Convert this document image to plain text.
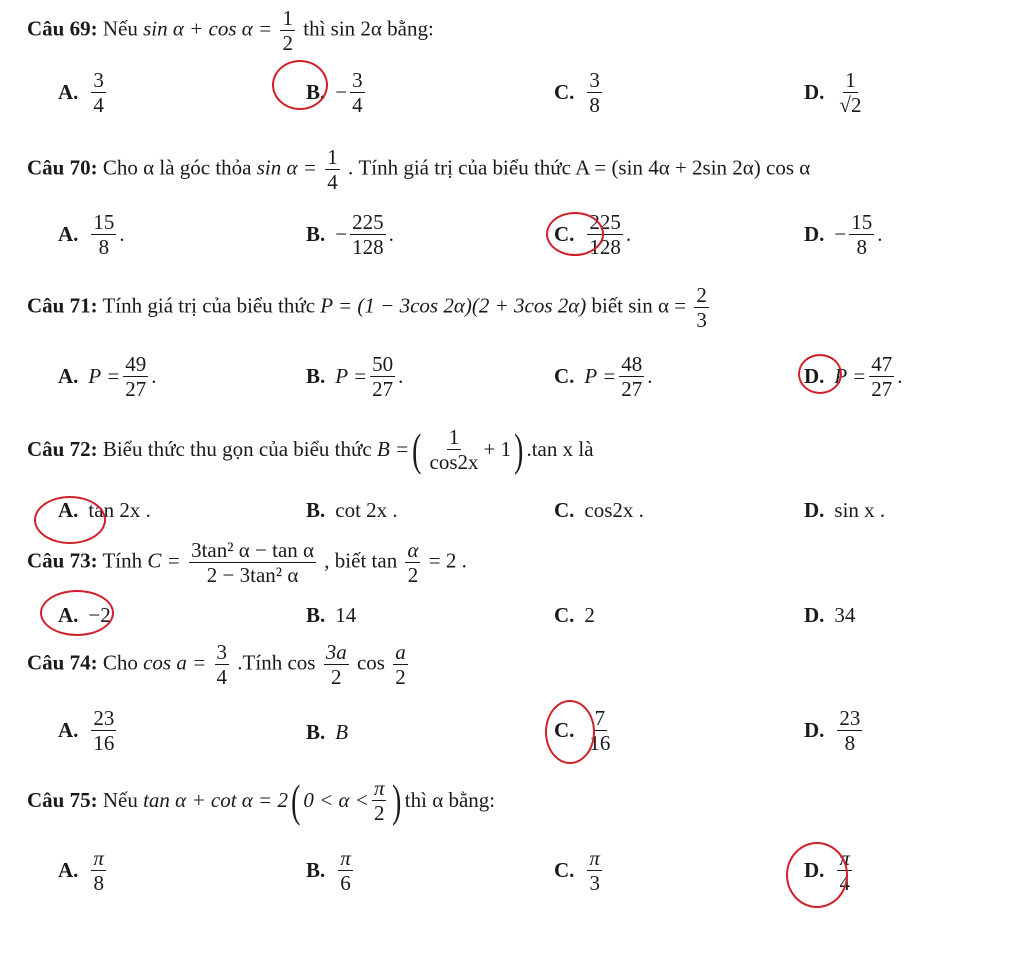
Câu 69: Nếu $\sin \alpha + \cos \alpha = \frac{1}{2}$ thì sin 2α bằng:
A. $\frac{3}{4}$	B. − $\frac{3}{4}$	C. $\frac{3}{8}$	D. $\frac{1}{√2}$
Câu 70: Cho α là góc thỏa $\sin \alpha = \frac{1}{4}$ . Tính giá trị của biểu thức A = (sin 4α + 2sin 2α) cos α
A. $\frac{15}{8}$ .	B. − $\frac{225}{128}$ .	C. $\frac{225}{128}$ .	D. − $\frac{15}{8}$ .
Câu 71: Tính giá trị của biểu thức P = (1 − 3cos 2α)(2 + 3cos 2α) biết $\sin \alpha = \frac{2}{3}$
A. $P = \frac{49}{27}$ .	B. $P = \frac{50}{27}$ .	C. $P = \frac{48}{27}$ .	D. $P = \frac{47}{27}$ .
Câu 72:
Biểu thức thu gọn của biểu thức
B = ( $\frac{1}{\cos 2x} + 1$ ) .tan x là
A. tan 2x .	B. cot 2x .	C. cos2x .	D. sin x .
Câu 73: Tính $C = \frac{\text{3tan² α − tan α}}{\text{2 − 3tan² α}}$ , biết $\tan \frac{\alpha}{2} = 2$ .
A. −2	B. 14	C. 2	D. 34
Câu 74: Cho $\cos a = \frac{3}{4}$ .Tính $\cos \frac{3a}{2}$ $\cos \frac{a}{2}$
A. $\frac{23}{16}$	B. B	C. $\frac{7}{16}$	D. $\frac{23}{8}$
Câu 75:
Nếu
tan α + cot α = 2 ( $0 < \alpha < \frac{\pi}{2}$ ) thì α bằng:
A. $\frac{\pi}{8}$	B. $\frac{\pi}{6}$	C. $\frac{\pi}{3}$	D. $\frac{\pi}{4}$
